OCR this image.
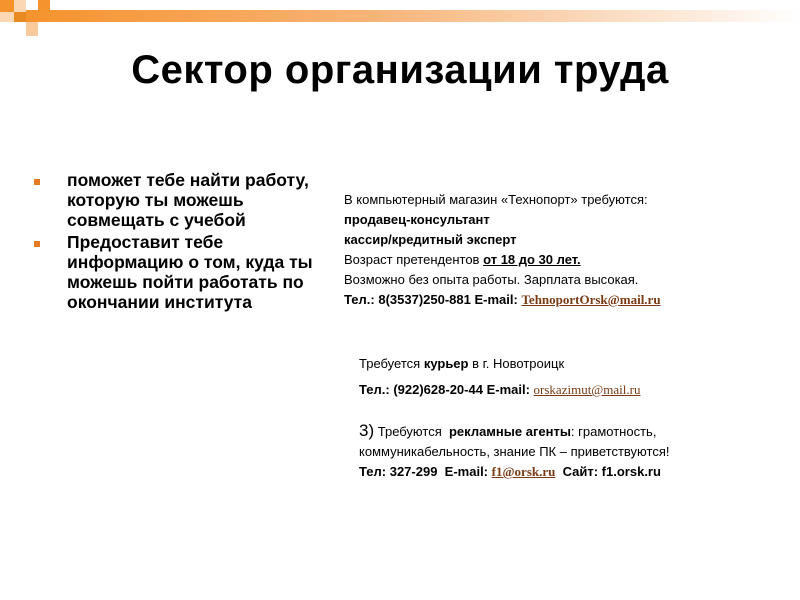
Сектор организации труда
поможет тебе найти работу, которую ты можешь совмещать с учебой
Предоставит тебе информацию о том, куда ты можешь пойти работать по окончании института

В компьютерный магазин «Технопорт» требуются:

продавец-консультант

кассир/кредитный эксперт

Возраст претендентов от 18 до 30 лет.

Возможно без опыта работы. Зарплата высокая.

Тел.: 8(3537)250-881 E-mail: TehnoportOrsk@mail.ru

Требуется курьер в г. Новотроицк

Тел.: (922)628-20-44 E-mail: orskazimut@mail.ru

3) Требуются рекламные агенты: грамотность,

коммуникабельность, знание ПК – приветствуются!

Тел: 327-299 E-mail: f1@orsk.ru Сайт: f1.orsk.ru
